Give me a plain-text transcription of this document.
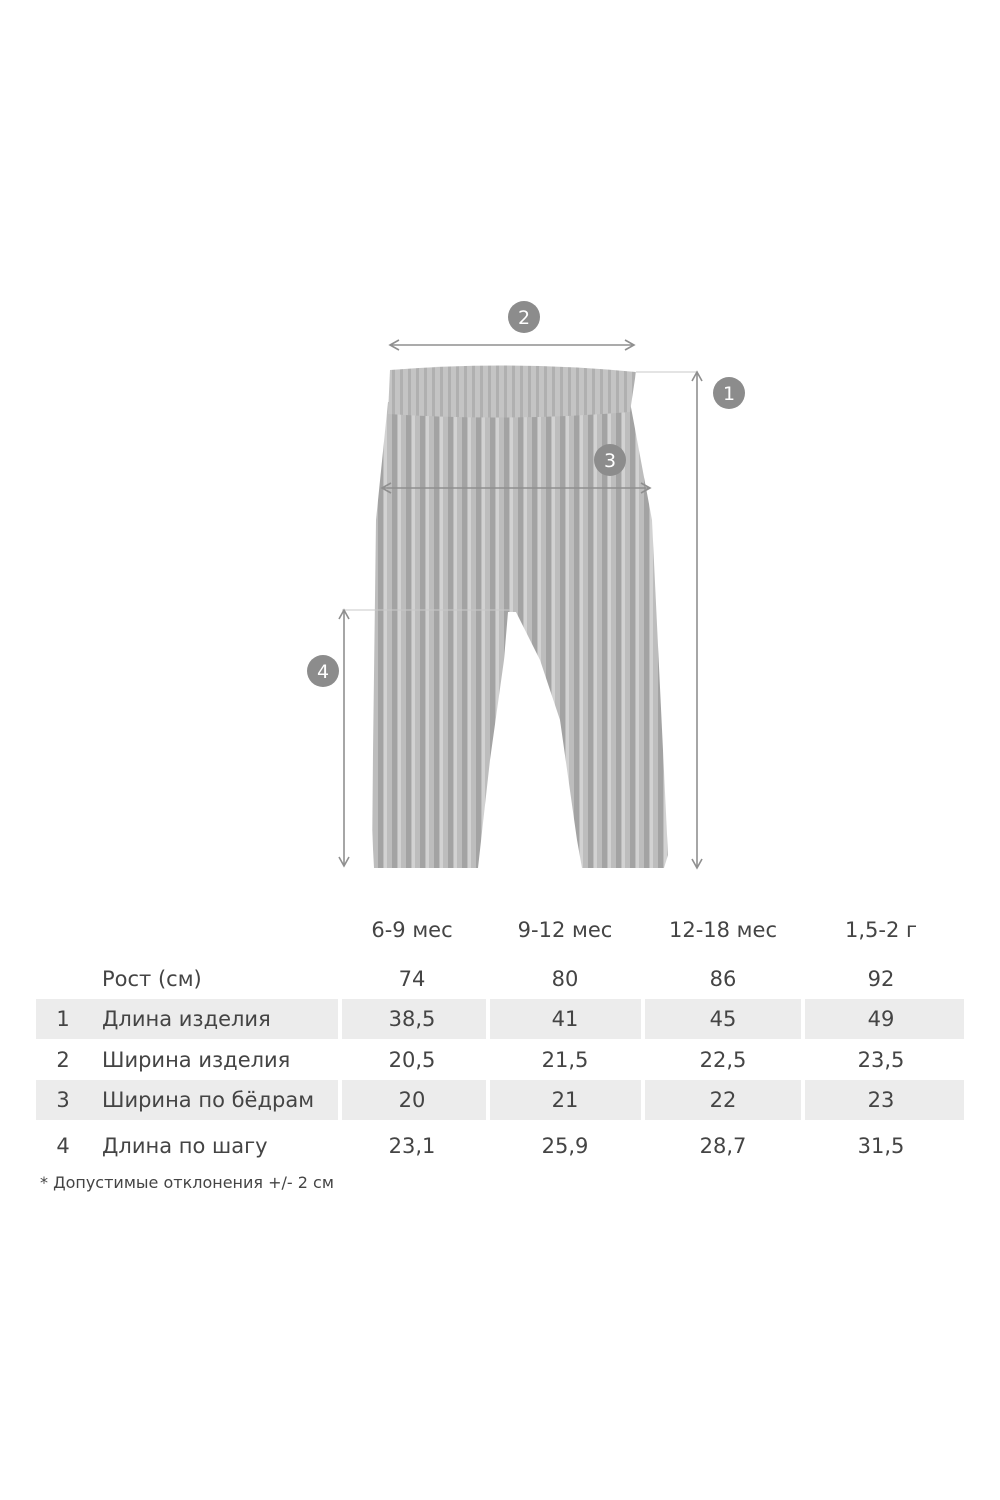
2
1
3
4
6-9 мес	9-12 мес	12-18 мес	1,5-2 г
Рост (см)	74	80	86	92
1 Длина изделия	38,5	41	45	49
2 Ширина изделия	20,5	21,5	22,5	23,5
3 Ширина по бёдрам	20	21	22	23
4 Длина по шагу	23,1	25,9	28,7	31,5
* Допустимые отклонения +/- 2 см
